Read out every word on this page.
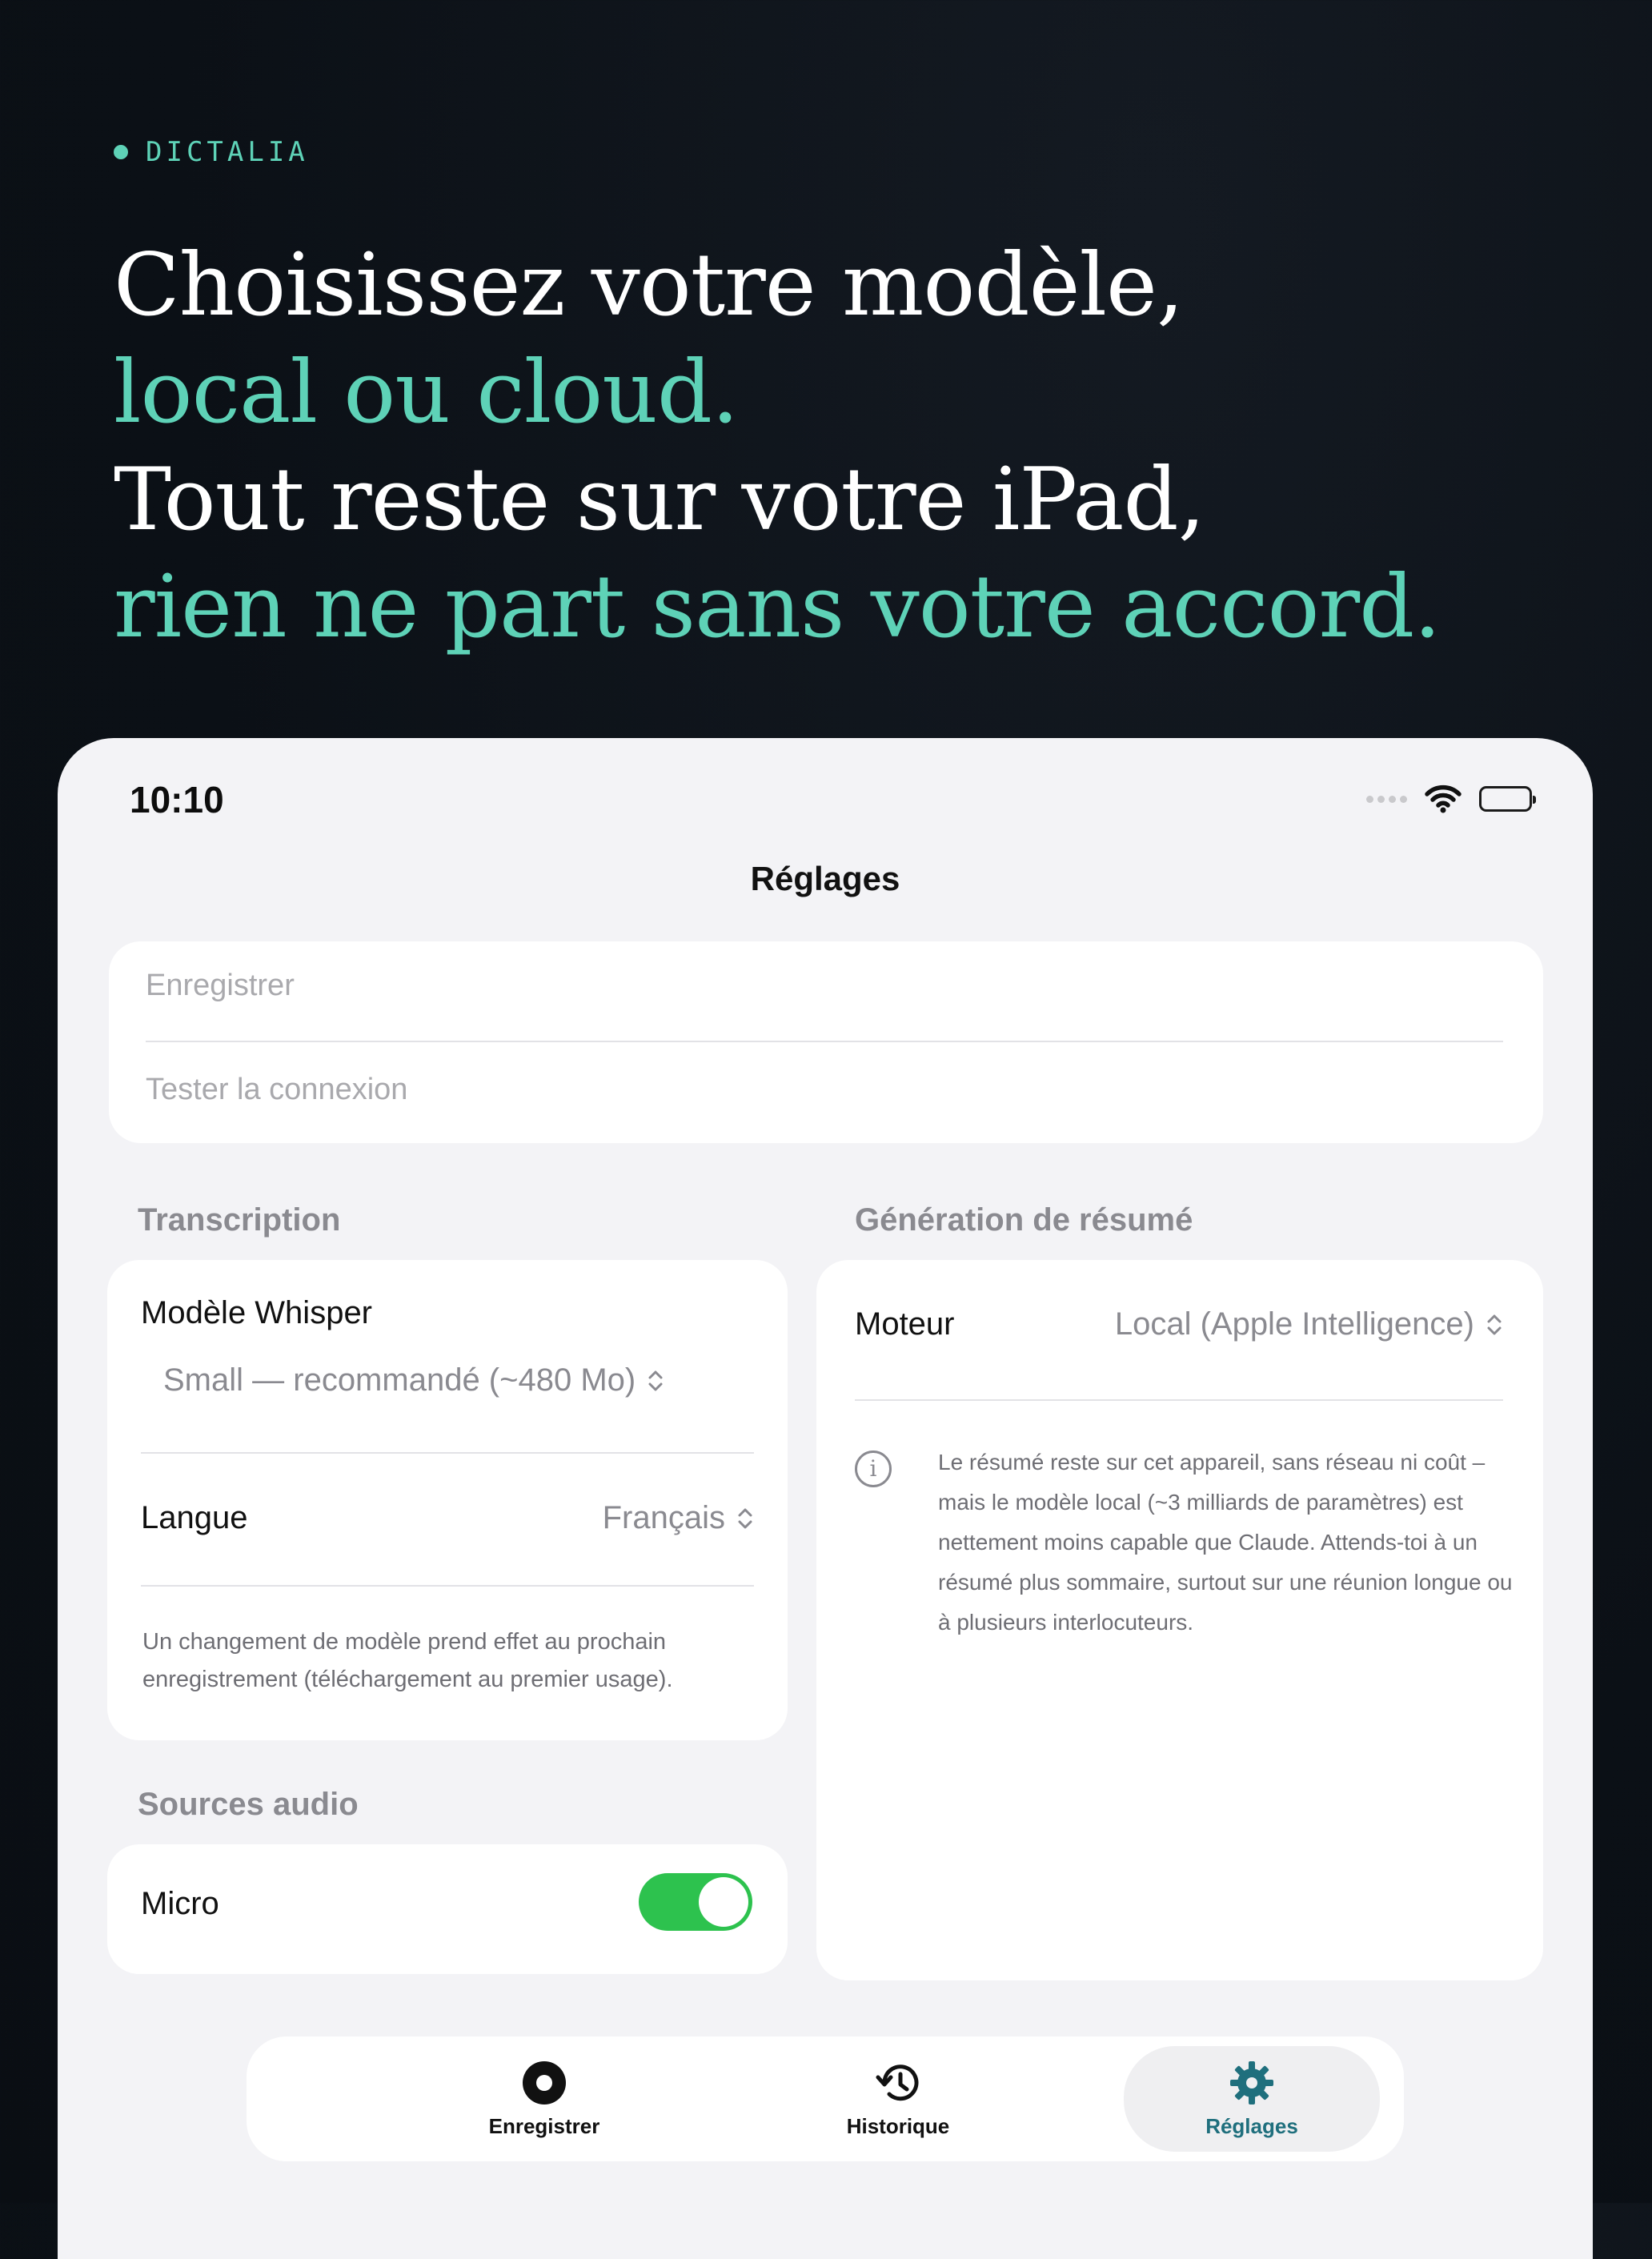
DICTALIA
Choisissez votre modèle,
local ou cloud.
Tout reste sur votre iPad,
rien ne part sans votre accord.
10:10
Réglages
Enregistrer
Tester la connexion
Transcription
Modèle Whisper
Small — recommandé (~480 Mo)
Langue	Français
Un changement de modèle prend effet au prochain enregistrement (téléchargement au premier usage).
Génération de résumé
Moteur	Local (Apple Intelligence)
i	Le résumé reste sur cet appareil, sans réseau ni coût – mais le modèle local (~3 milliards de paramètres) est nettement moins capable que Claude. Attends-toi à un résumé plus sommaire, surtout sur une réunion longue ou à plusieurs interlocuteurs.
Sources audio
Micro
Enregistrer	Historique	Réglages
